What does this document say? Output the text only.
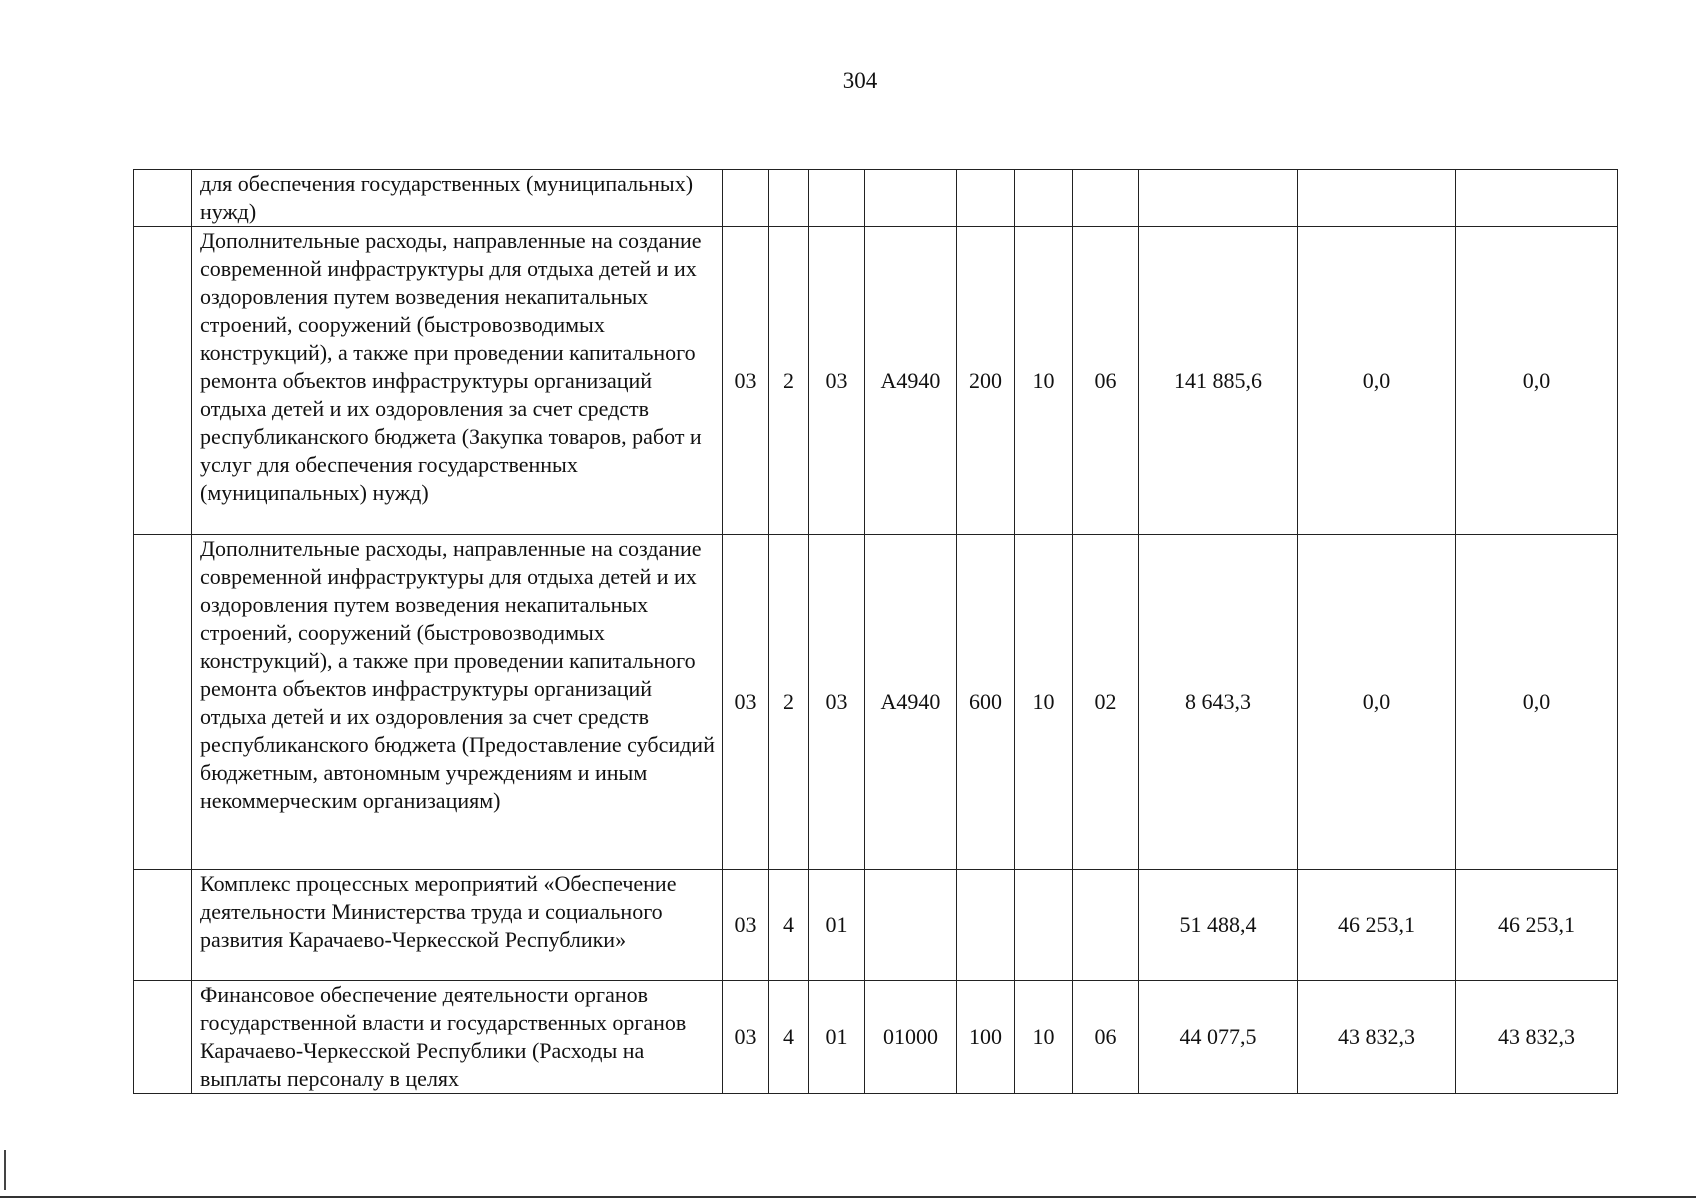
304
	для обеспечения государственных (муниципальных) нужд)										
	Дополнительные расходы, направленные на создание современной инфраструктуры для отдыха детей и их оздоровления путем возведения некапитальных строений, сооружений (быстровозводимых конструкций), а также при проведении капитального ремонта объектов инфраструктуры организаций отдыха детей и их оздоровления за счет средств республиканского бюджета (Закупка товаров, работ и услуг для обеспечения государственных (муниципальных) нужд)	03	2	03	А4940	200	10	06	141 885,6	0,0	0,0
	Дополнительные расходы, направленные на создание современной инфраструктуры для отдыха детей и их оздоровления путем возведения некапитальных строений, сооружений (быстровозводимых конструкций), а также при проведении капитального ремонта объектов инфраструктуры организаций отдыха детей и их оздоровления за счет средств республиканского бюджета (Предоставление субсидий бюджетным, автономным учреждениям и иным некоммерческим организациям)	03	2	03	А4940	600	10	02	8 643,3	0,0	0,0
	Комплекс процессных мероприятий «Обеспечение деятельности Министерства труда и социального развития Карачаево-Черкесской Республики»	03	4	01					51 488,4	46 253,1	46 253,1
	Финансовое обеспечение деятельности органов государственной власти и государственных органов Карачаево-Черкесской Республики (Расходы на выплаты персоналу в целях	03	4	01	01000	100	10	06	44 077,5	43 832,3	43 832,3
